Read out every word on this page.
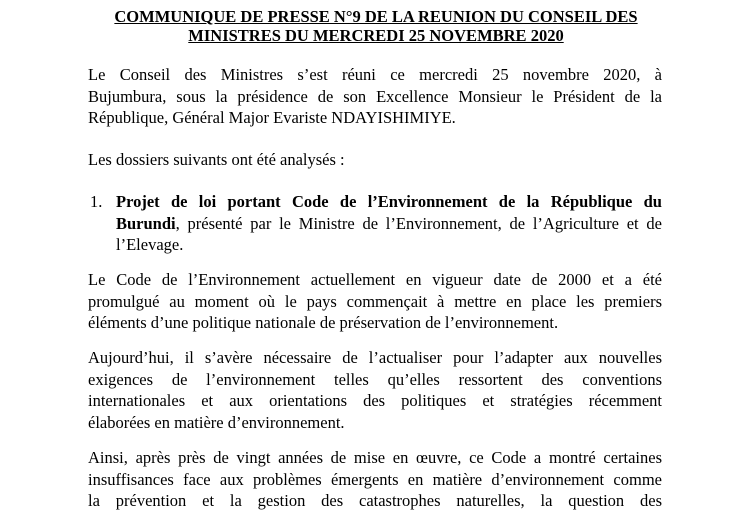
COMMUNIQUE DE PRESSE N°9 DE LA REUNION DU CONSEIL DES
MINISTRES DU MERCREDI 25 NOVEMBRE 2020

Le Conseil des Ministres s’est réuni ce mercredi 25 novembre 2020, à
Bujumbura, sous la présidence de son Excellence Monsieur le Président de la
République, Général Major Evariste NDAYISHIMIYE.

Les dossiers suivants ont été analysés :

1. Projet de loi portant Code de l’Environnement de la République du
Burundi, présenté par le Ministre de l’Environnement, de l’Agriculture et de
l’Elevage.

Le Code de l’Environnement actuellement en vigueur date de 2000 et a été
promulgué au moment où le pays commençait à mettre en place les premiers
éléments d’une politique nationale de préservation de l’environnement.

Aujourd’hui, il s’avère nécessaire de l’actualiser pour l’adapter aux nouvelles
exigences de l’environnement telles qu’elles ressortent des conventions
internationales et aux orientations des politiques et stratégies récemment
élaborées en matière d’environnement.

Ainsi, après près de vingt années de mise en œuvre, ce Code a montré certaines
insuffisances face aux problèmes émergents en matière d’environnement comme
la prévention et la gestion des catastrophes naturelles, la question des
